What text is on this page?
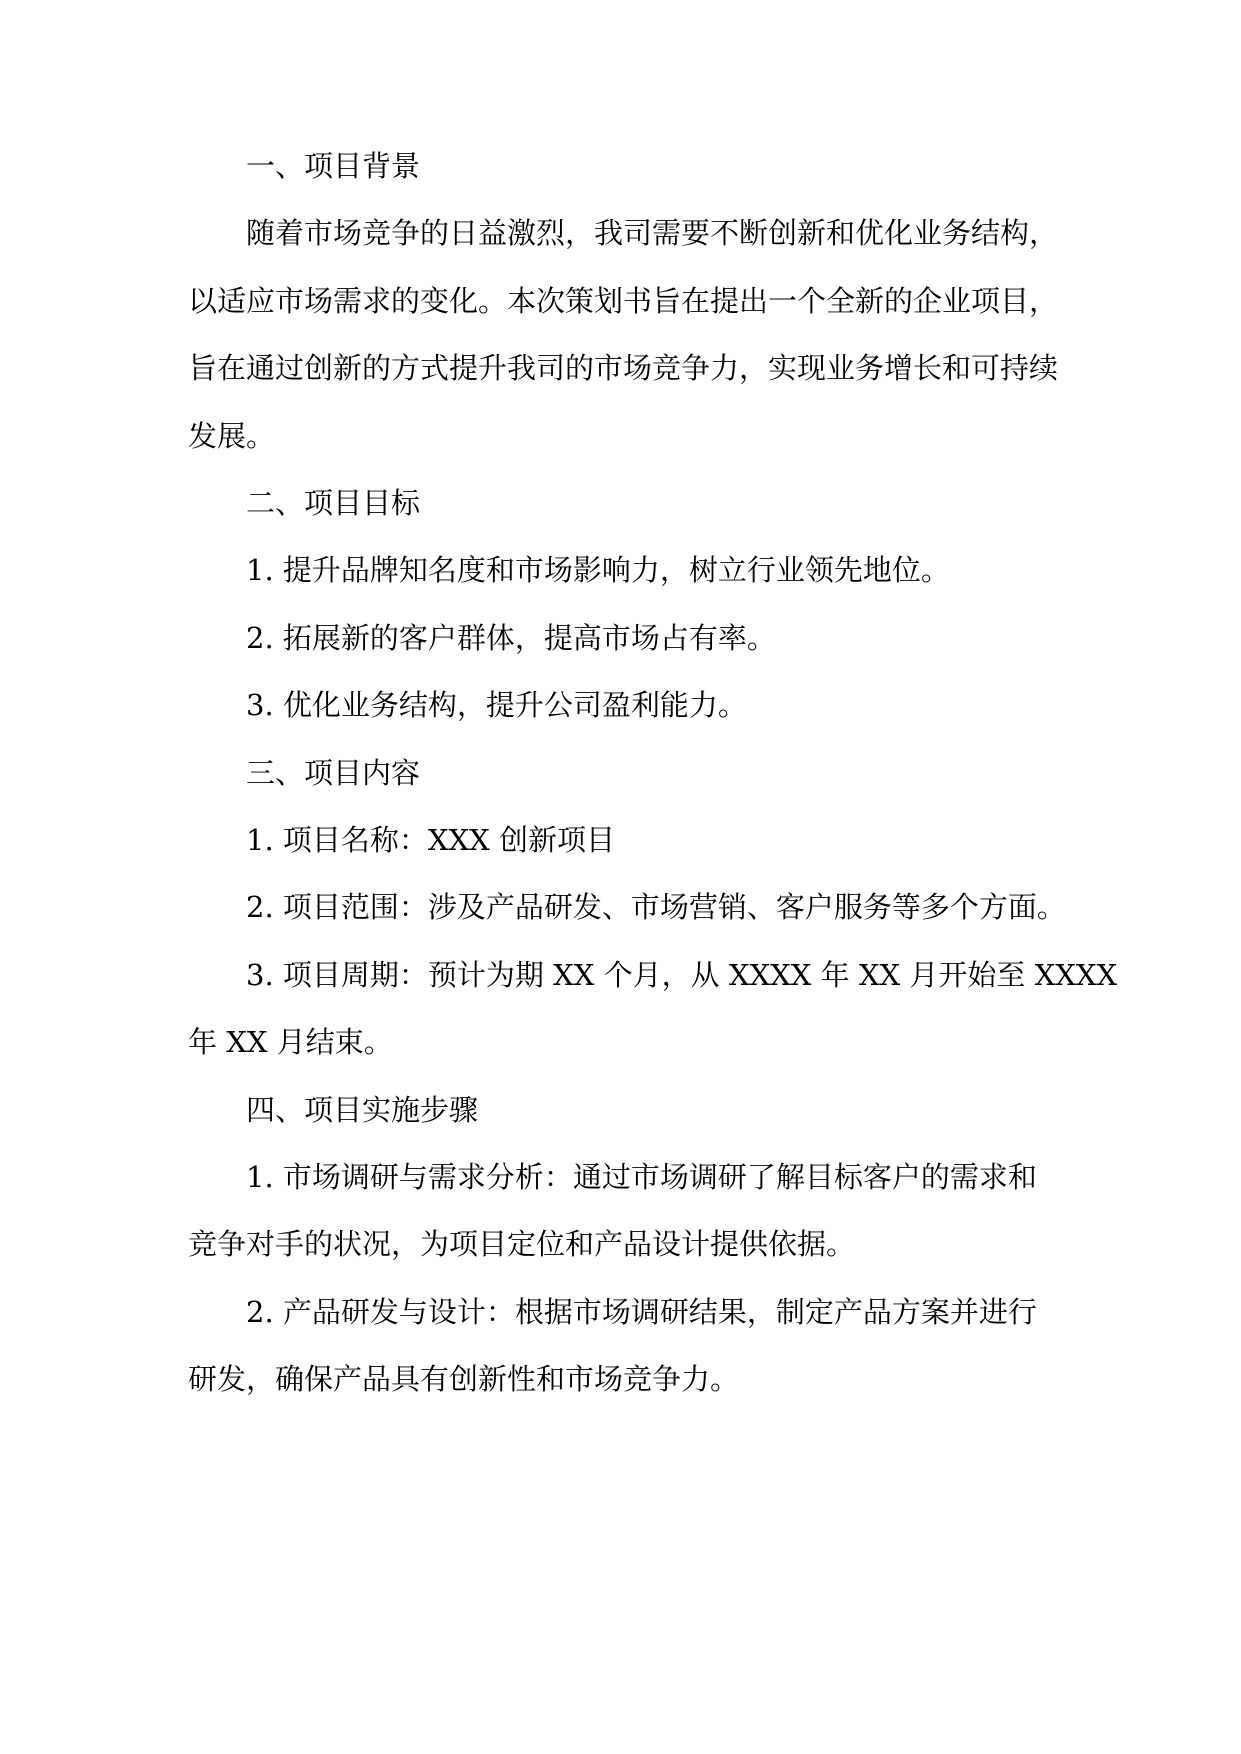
一、项目背景
随着市场竞争的日益激烈，我司需要不断创新和优化业务结构，
以适应市场需求的变化。本次策划书旨在提出一个全新的企业项目，
旨在通过创新的方式提升我司的市场竞争力，实现业务增长和可持续
发展。
二、项目目标
1. 提升品牌知名度和市场影响力，树立行业领先地位。
2. 拓展新的客户群体，提高市场占有率。
3. 优化业务结构，提升公司盈利能力。
三、项目内容
1. 项目名称：XXX 创新项目
2. 项目范围：涉及产品研发、市场营销、客户服务等多个方面。
3. 项目周期：预计为期 XX 个月，从 XXXX 年 XX 月开始至 XXXX
年 XX 月结束。
四、项目实施步骤
1. 市场调研与需求分析：通过市场调研了解目标客户的需求和
竞争对手的状况，为项目定位和产品设计提供依据。
2. 产品研发与设计：根据市场调研结果，制定产品方案并进行
研发，确保产品具有创新性和市场竞争力。
